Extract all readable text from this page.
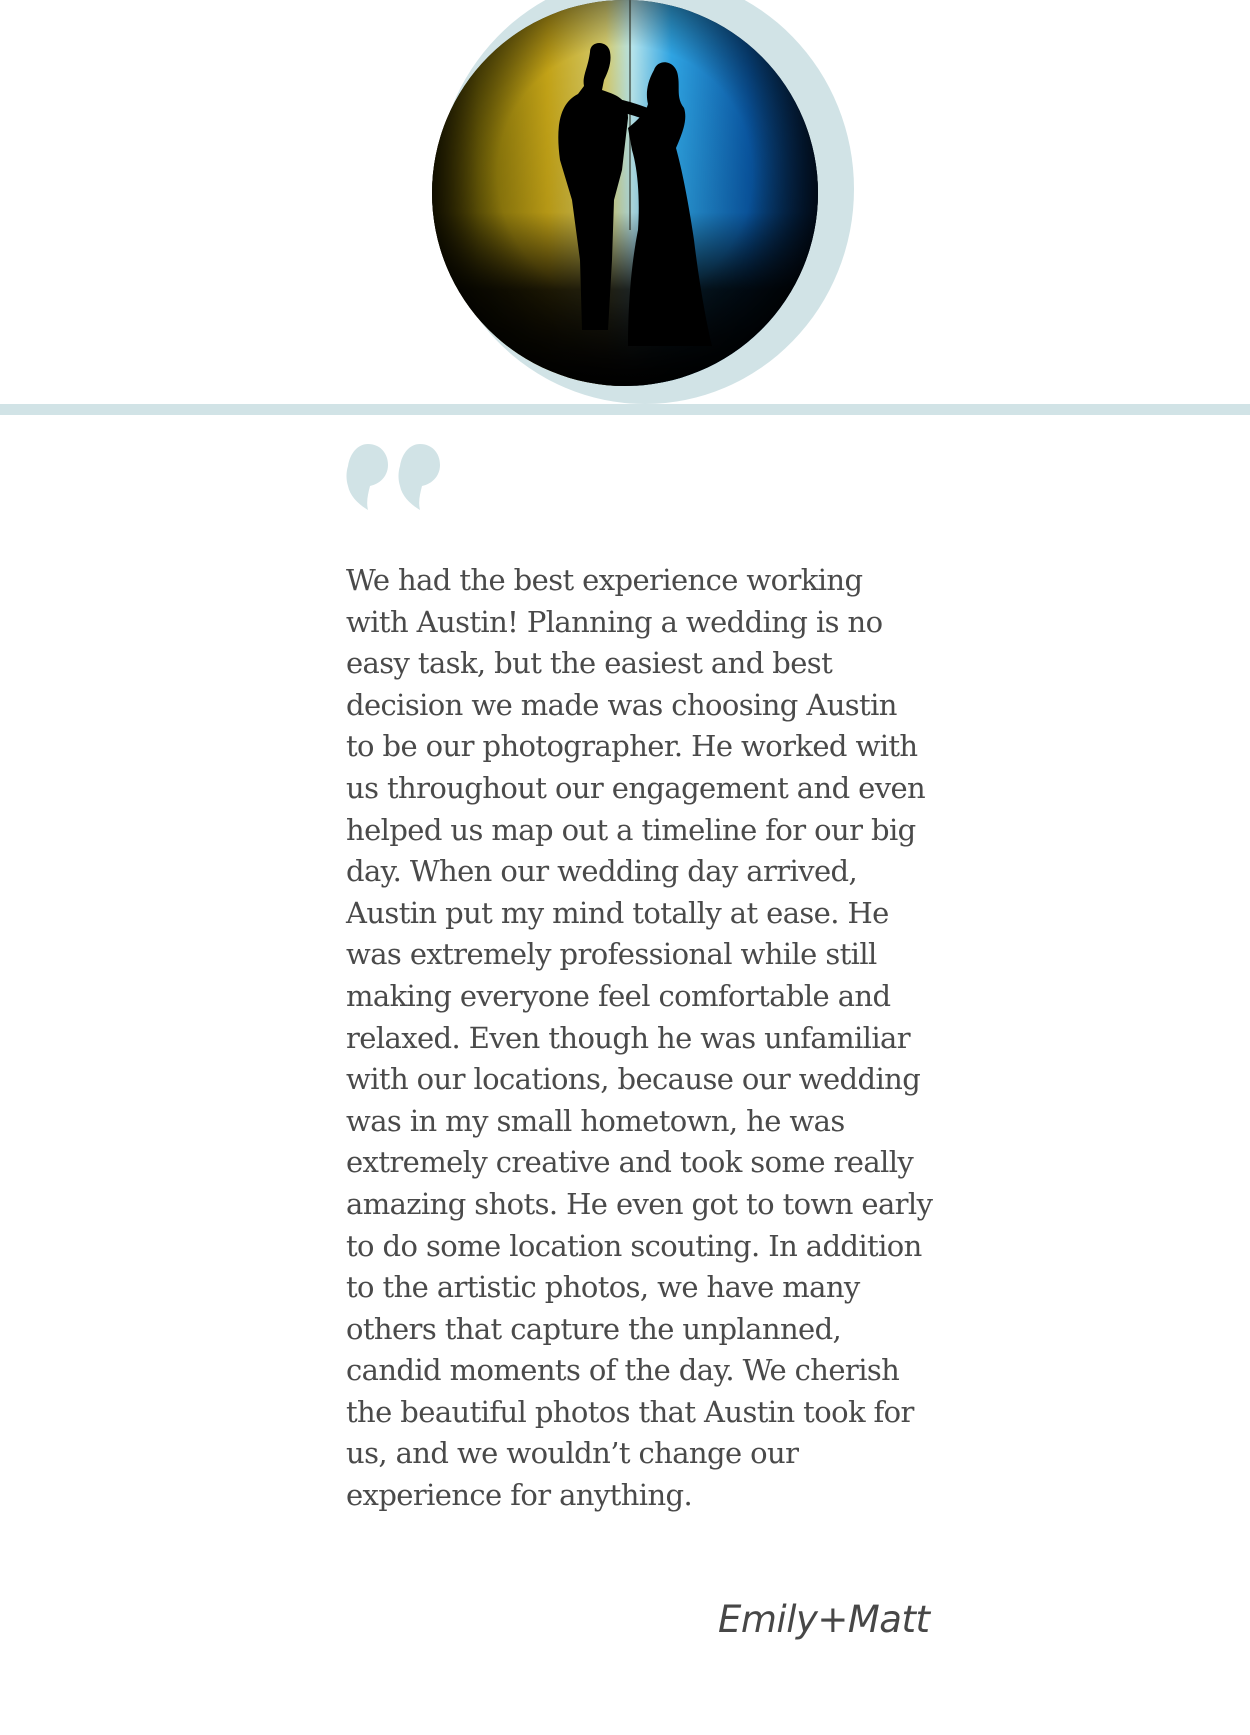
We had the best experience working
with Austin! Planning a wedding is no
easy task, but the easiest and best
decision we made was choosing Austin
to be our photographer. He worked with
us throughout our engagement and even
helped us map out a timeline for our big
day. When our wedding day arrived,
Austin put my mind totally at ease. He
was extremely professional while still
making everyone feel comfortable and
relaxed. Even though he was unfamiliar
with our locations, because our wedding
was in my small hometown, he was
extremely creative and took some really
amazing shots. He even got to town early
to do some location scouting. In addition
to the artistic photos, we have many
others that capture the unplanned,
candid moments of the day. We cherish
the beautiful photos that Austin took for
us, and we wouldn’t change our
experience for anything.

Emily+Matt
